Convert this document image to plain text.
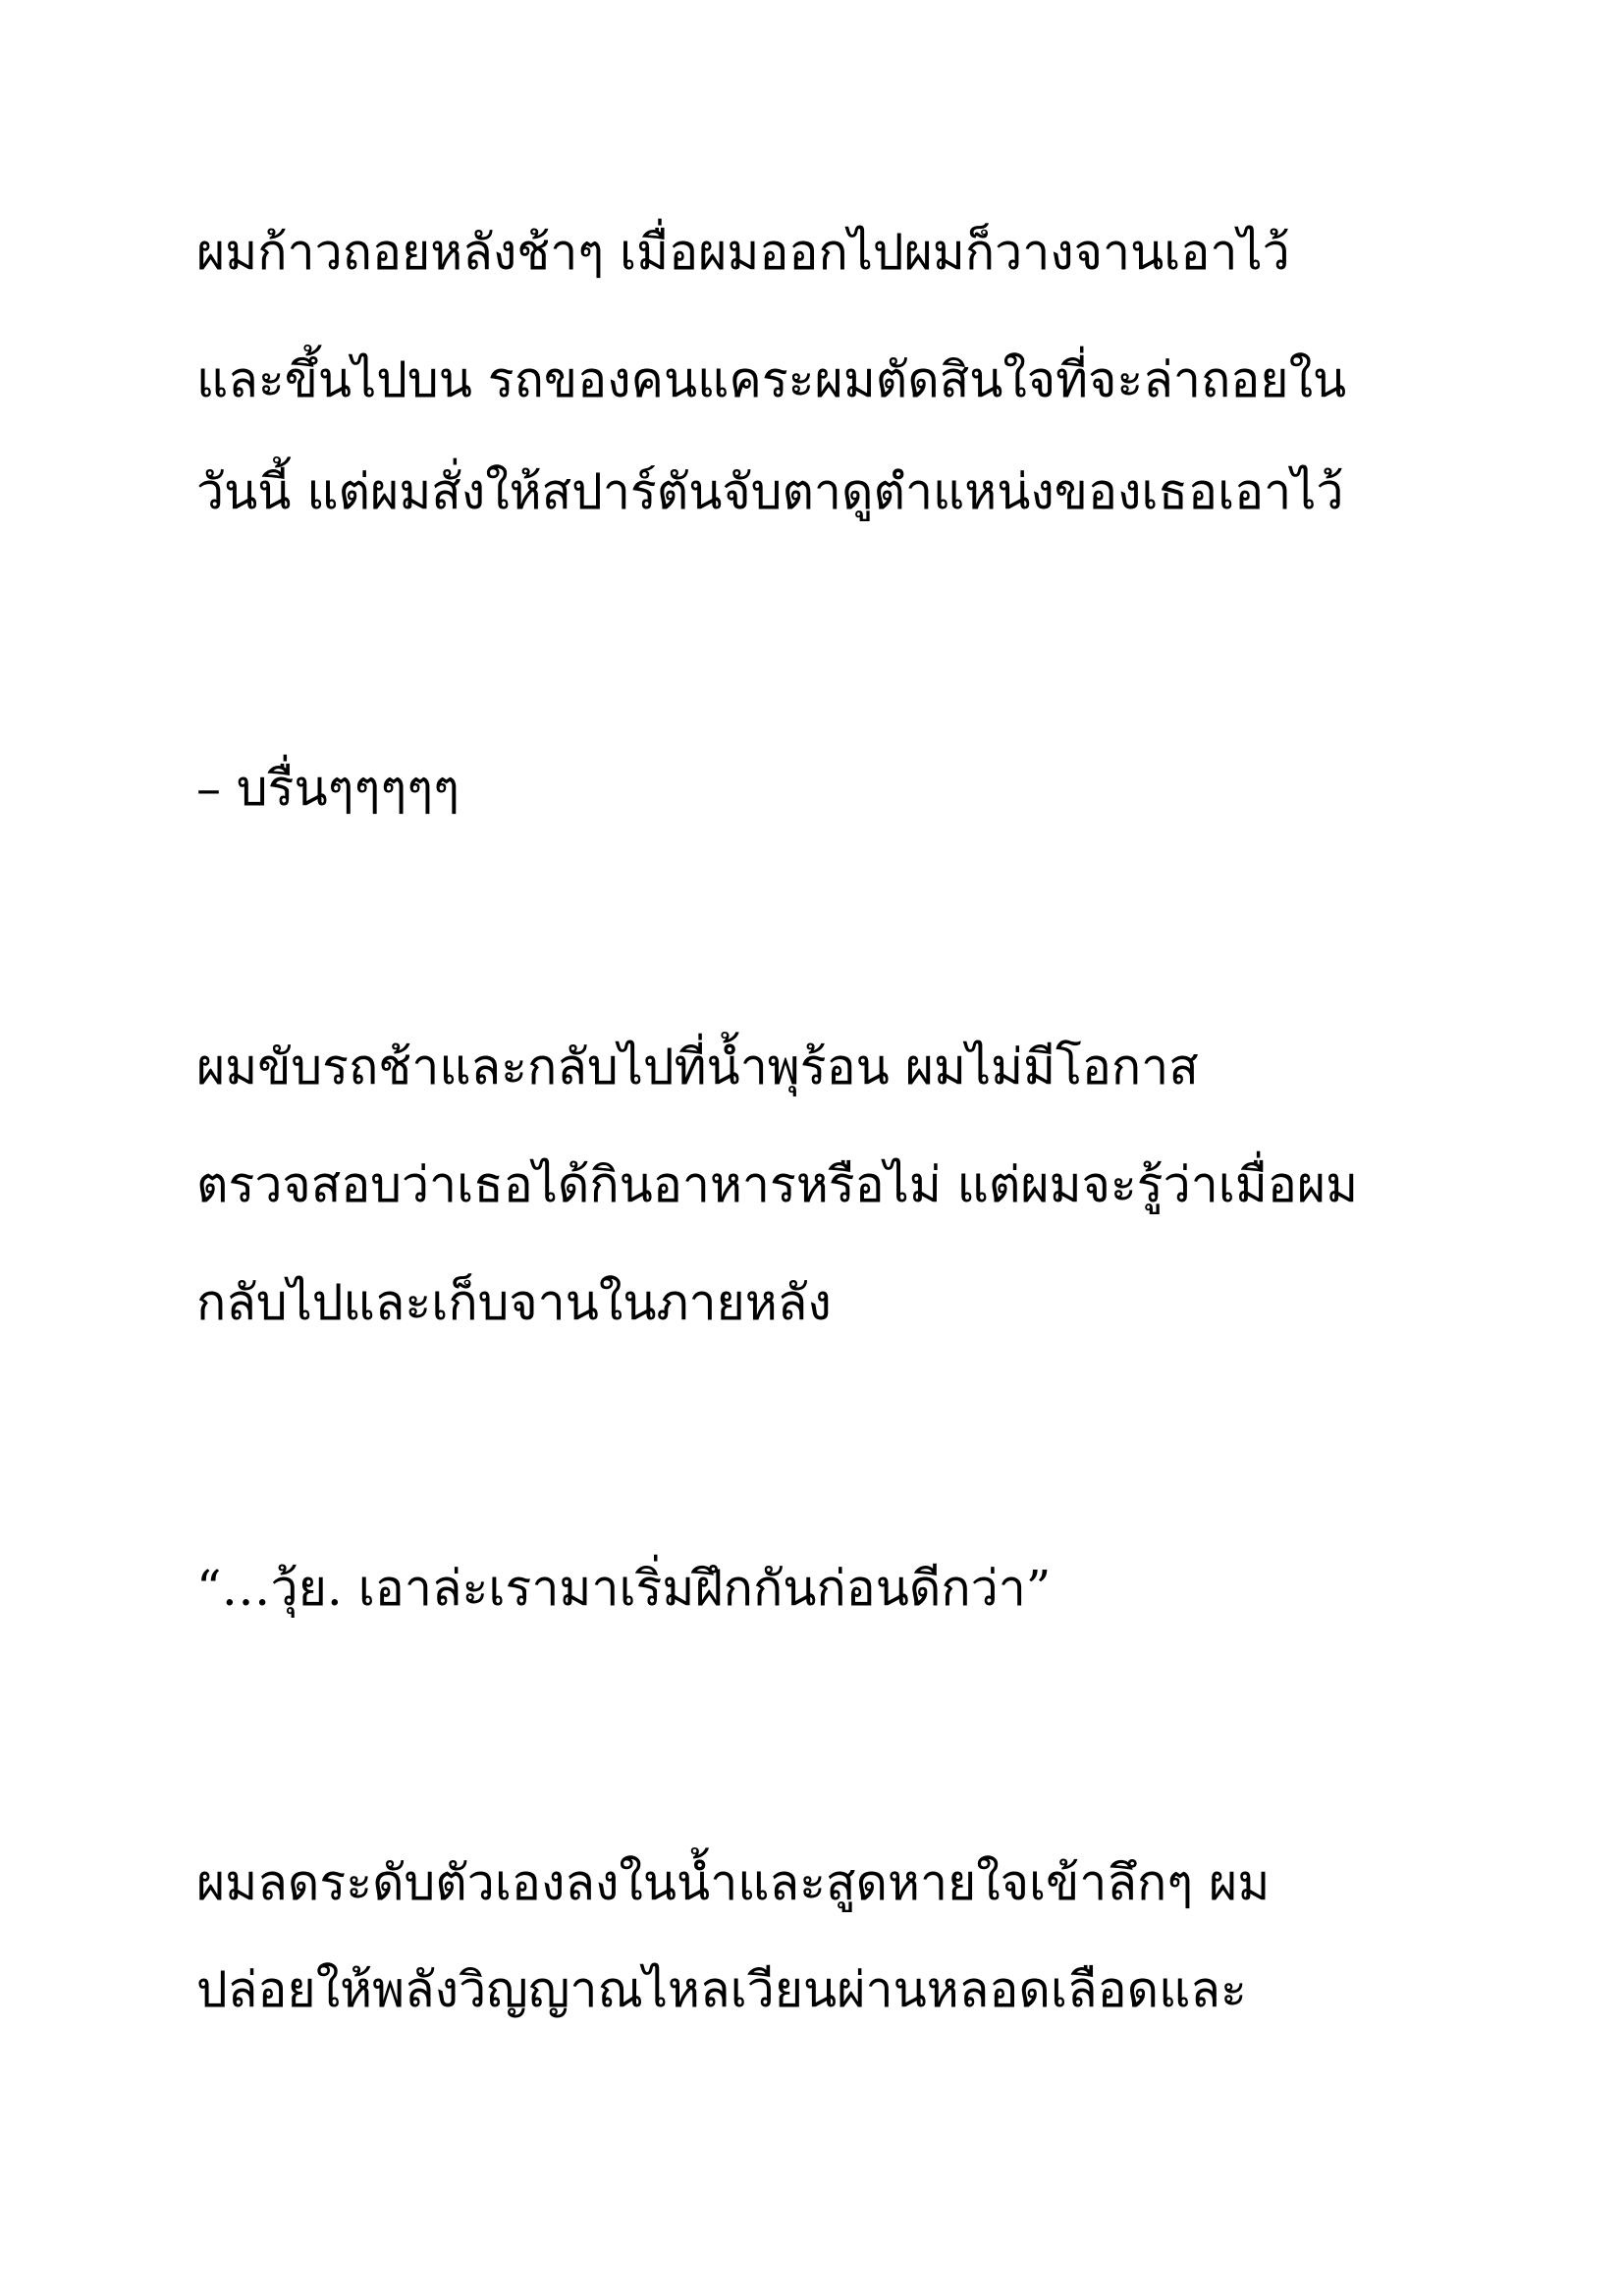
ผมก้าวถอยหลังช้าๆ เมื่อผมออกไปผมก็วางจานเอาไว้
และขึ้นไปบน รถของคนแคระผมตัดสินใจที่จะล่าถอยใน
วันนี้ แต่ผมสั่งให้สปาร์ตันจับตาดูตำแหน่งของเธอเอาไว้
– บรื่นๆๆๆๆๆ
ผมขับรถช้าและกลับไปที่น้ำพุร้อน ผมไม่มีโอกาส
ตรวจสอบว่าเธอได้กินอาหารหรือไม่ แต่ผมจะรู้ว่าเมื่อผม
กลับไปและเก็บจานในภายหลัง
“…วุ้ย. เอาล่ะเรามาเริ่มฝึกกันก่อนดีกว่า”
ผมลดระดับตัวเองลงในน้ำและสูดหายใจเข้าลึกๆ ผม
ปล่อยให้พลังวิญญาณไหลเวียนผ่านหลอดเลือดและ
